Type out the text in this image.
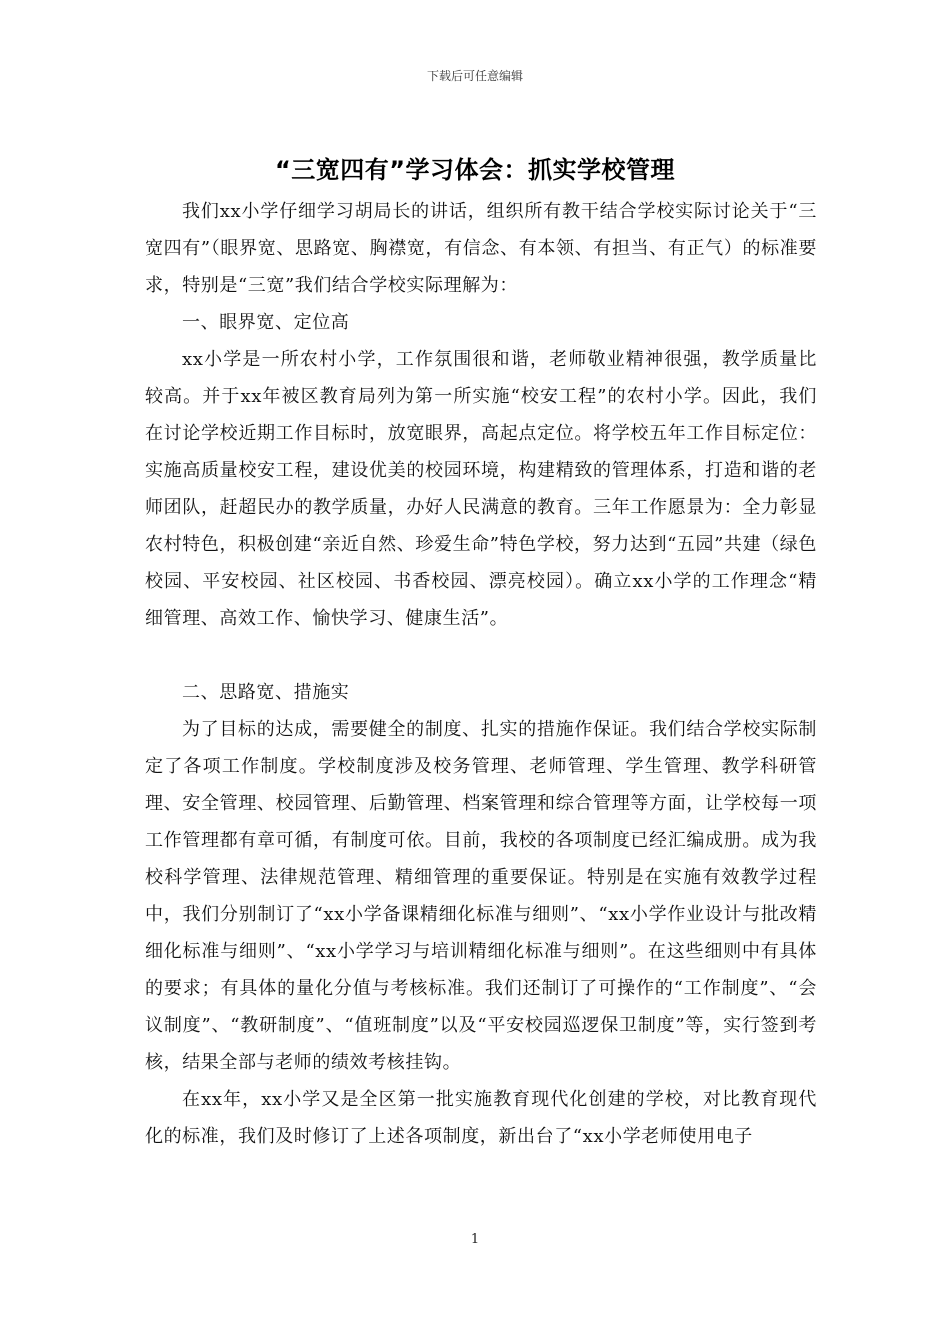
下载后可任意编辑
“三宽四有”学习体会：抓实学校管理

我们xx小学仔细学习胡局长的讲话，组织所有教干结合学校实际讨论关于“三宽四有”（眼界宽、思路宽、胸襟宽，有信念、有本领、有担当、有正气）的标准要求，特别是“三宽”我们结合学校实际理解为：

一、眼界宽、定位高

xx小学是一所农村小学，工作氛围很和谐，老师敬业精神很强，教学质量比较高。并于xx年被区教育局列为第一所实施“校安工程”的农村小学。因此，我们在讨论学校近期工作目标时，放宽眼界，高起点定位。将学校五年工作目标定位：实施高质量校安工程，建设优美的校园环境，构建精致的管理体系，打造和谐的老师团队，赶超民办的教学质量，办好人民满意的教育。三年工作愿景为：全力彰显农村特色，积极创建“亲近自然、珍爱生命”特色学校，努力达到“五园”共建（绿色校园、平安校园、社区校园、书香校园、漂亮校园）。确立xx小学的工作理念“精细管理、高效工作、愉快学习、健康生活”。

二、思路宽、措施实

为了目标的达成，需要健全的制度、扎实的措施作保证。我们结合学校实际制定了各项工作制度。学校制度涉及校务管理、老师管理、学生管理、教学科研管理、安全管理、校园管理、后勤管理、档案管理和综合管理等方面，让学校每一项工作管理都有章可循，有制度可依。目前，我校的各项制度已经汇编成册。成为我校科学管理、法律规范管理、精细管理的重要保证。特别是在实施有效教学过程中，我们分别制订了“xx小学备课精细化标准与细则”、“xx小学作业设计与批改精细化标准与细则”、“xx小学学习与培训精细化标准与细则”。在这些细则中有具体的要求；有具体的量化分值与考核标准。我们还制订了可操作的“工作制度”、“会议制度”、“教研制度”、“值班制度”以及“平安校园巡逻保卫制度”等，实行签到考核，结果全部与老师的绩效考核挂钩。

在xx年，xx小学又是全区第一批实施教育现代化创建的学校，对比教育现代化的标准，我们及时修订了上述各项制度，新出台了“xx小学老师使用电子

1
